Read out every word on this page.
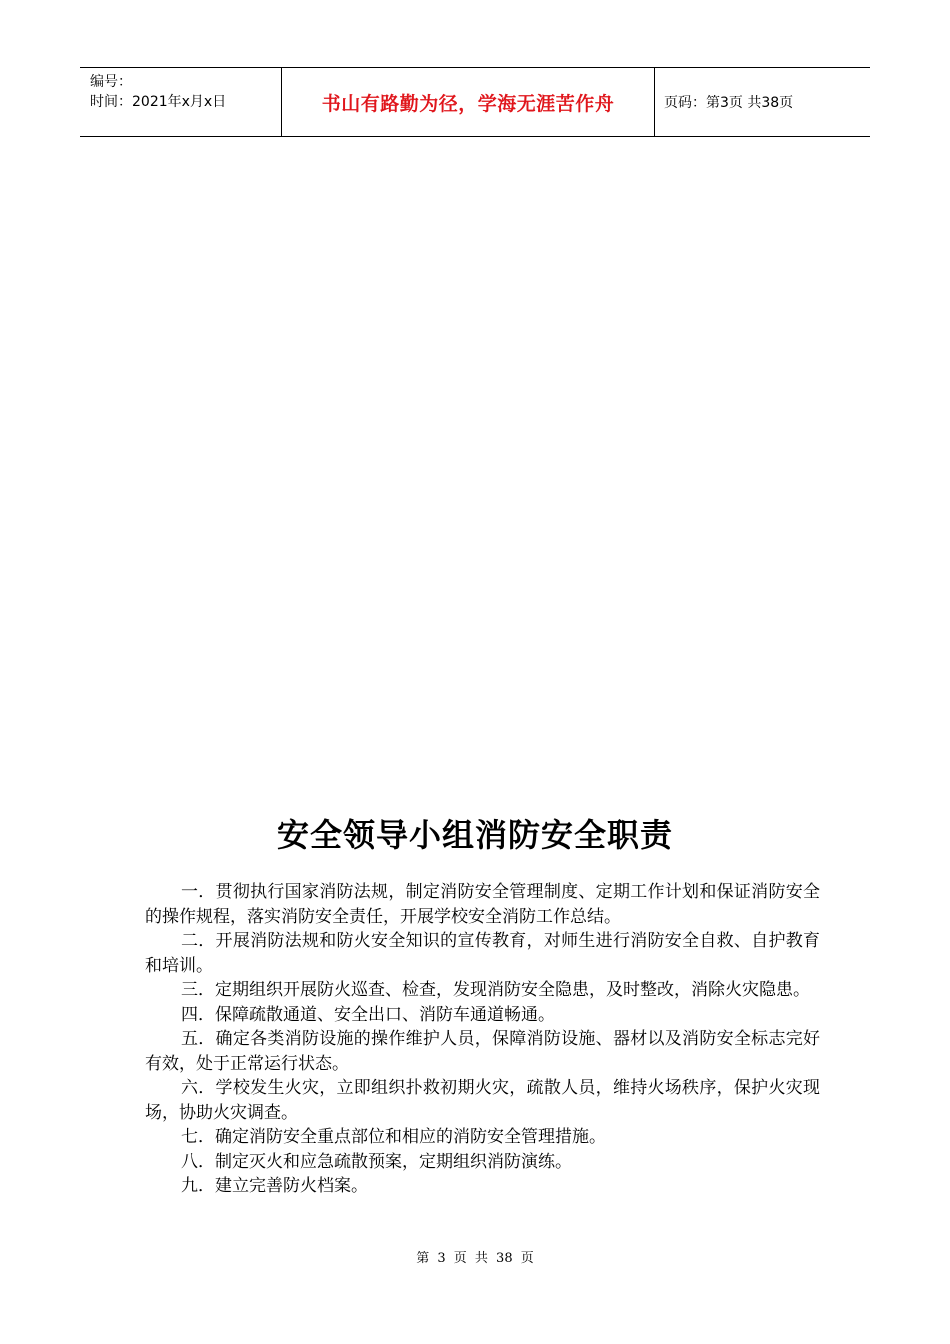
编号：
时间：2021年x月x日	书山有路勤为径，学海无涯苦作舟	页码：第3页 共38页
安全领导小组消防安全职责

一．贯彻执行国家消防法规，制定消防安全管理制度、定期工作计划和保证消防安全的操作规程，落实消防安全责任，开展学校安全消防工作总结。

二．开展消防法规和防火安全知识的宣传教育，对师生进行消防安全自救、自护教育和培训。

三．定期组织开展防火巡查、检查，发现消防安全隐患，及时整改，消除火灾隐患。

四．保障疏散通道、安全出口、消防车通道畅通。

五．确定各类消防设施的操作维护人员，保障消防设施、器材以及消防安全标志完好有效，处于正常运行状态。

六．学校发生火灾，立即组织扑救初期火灾，疏散人员，维持火场秩序，保护火灾现场，协助火灾调查。

七．确定消防安全重点部位和相应的消防安全管理措施。

八．制定灭火和应急疏散预案，定期组织消防演练。

九．建立完善防火档案。

第 3 页 共 38 页
